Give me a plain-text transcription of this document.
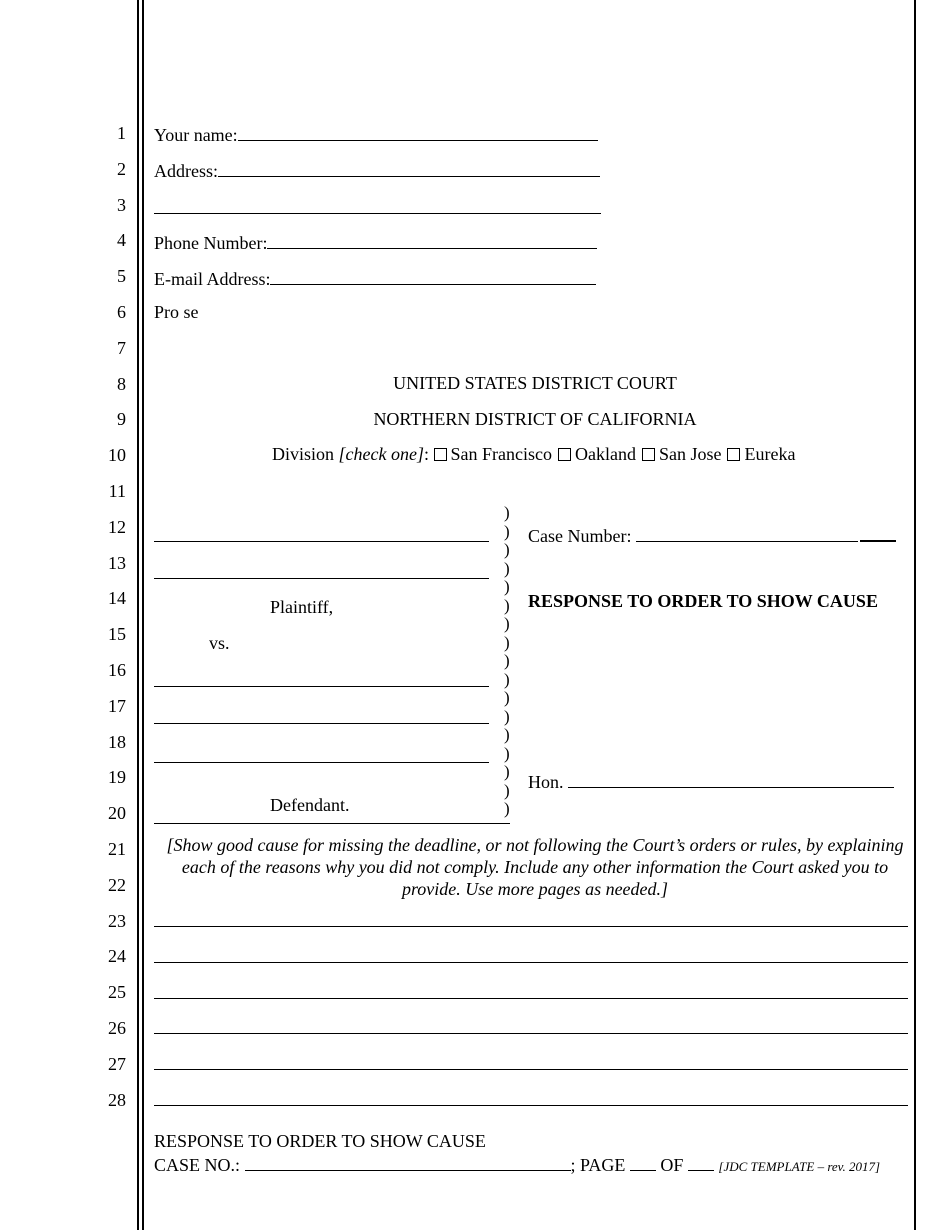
1
2
3
4
5
6
7
8
9
10
11
12
13
14
15
16
17
18
19
20
21
22
23
24
25
26
27
28
Your name:
Address:
Phone Number:
E-mail Address:
Pro se
UNITED STATES DISTRICT COURT
NORTHERN DISTRICT OF CALIFORNIA
Division [check one]: San Francisco Oakland San Jose Eureka
Plaintiff,
vs.
Defendant.
)
)
)
)
)
)
)
)
)
)
)
)
)
)
)
)
)
Case Number:
RESPONSE TO ORDER TO SHOW CAUSE
Hon.
[Show good cause for missing the deadline, or not following the Court’s orders or rules, by explaining each of the reasons why you did not comply. Include any other information the Court asked you to provide. Use more pages as needed.]
RESPONSE TO ORDER TO SHOW CAUSE
CASE NO.:	; PAGE OF	[JDC TEMPLATE – rev. 2017]
